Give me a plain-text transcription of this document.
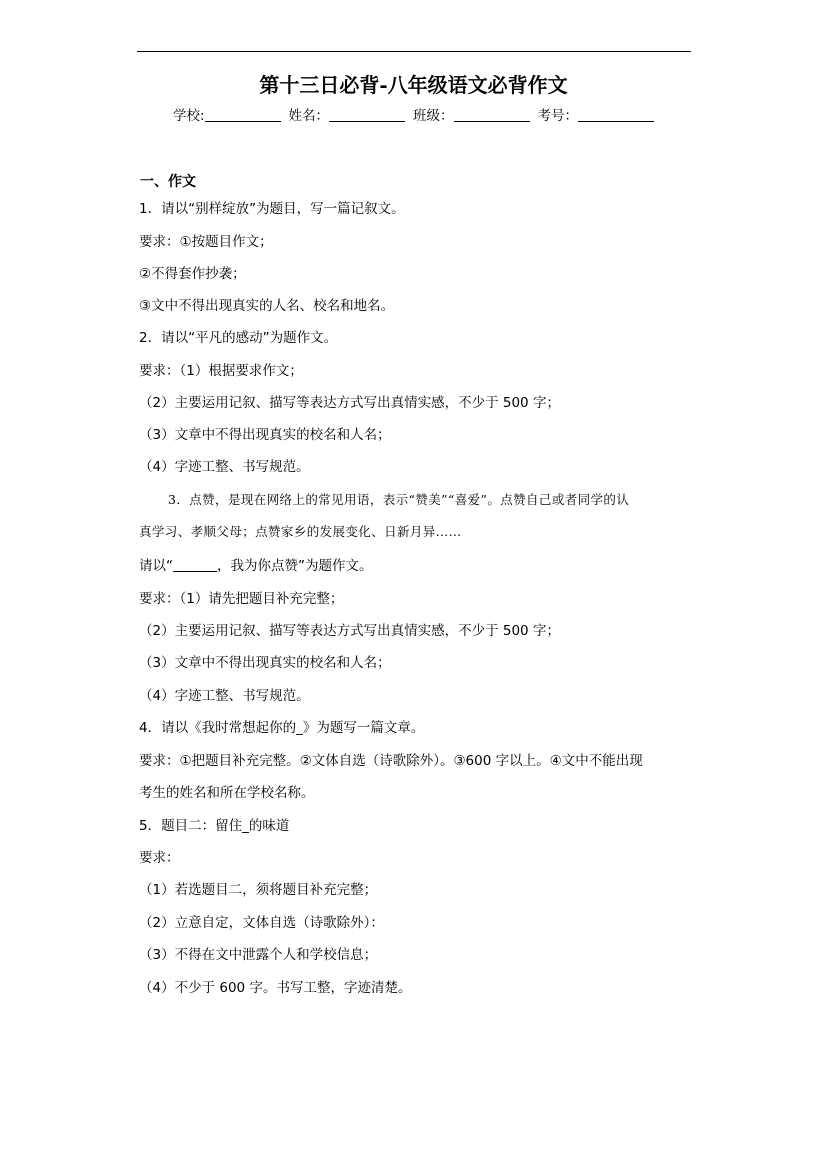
第十三日必背-八年级语文必背作文
学校:	姓名：	班级：	考号：
一、作文
1．请以“别样绽放”为题目，写一篇记叙文。
要求：①按题目作文；
②不得套作抄袭；
③文中不得出现真实的人名、校名和地名。
2．请以“平凡的感动”为题作文。
要求：（1）根据要求作文；
（2）主要运用记叙、描写等表达方式写出真情实感，不少于 500 字；
（3）文章中不得出现真实的校名和人名；
（4）字迹工整、书写规范。
3．点赞，是现在网络上的常见用语，表示“赞美”“喜爱”。点赞自己或者同学的认
真学习、孝顺父母；点赞家乡的发展变化、日新月异……
请以“	，我为你点赞”为题作文。
要求：（1）请先把题目补充完整；
（2）主要运用记叙、描写等表达方式写出真情实感，不少于 500 字；
（3）文章中不得出现真实的校名和人名；
（4）字迹工整、书写规范。
4．请以《我时常想起你的_》为题写一篇文章。
要求：①把题目补充完整。②文体自选（诗歌除外）。③600 字以上。④文中不能出现
考生的姓名和所在学校名称。
5．题目二：留住_的味道
要求：
（1）若选题目二，须将题目补充完整；
（2）立意自定，文体自选（诗歌除外）：
（3）不得在文中泄露个人和学校信息；
（4）不少于 600 字。书写工整，字迹清楚。
